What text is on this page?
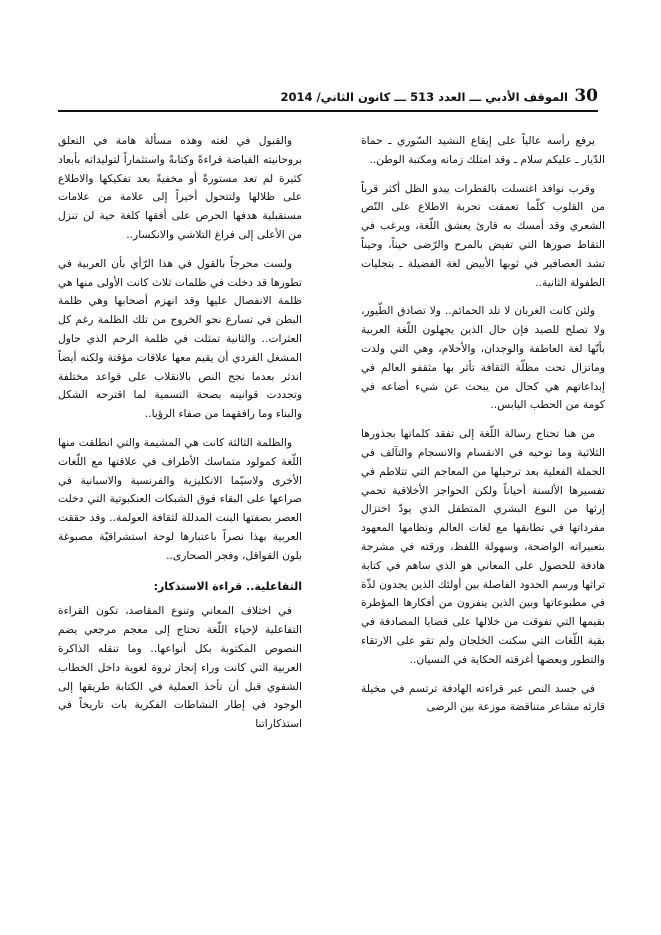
30
الموقف الأدبي ـــ العدد 513 ـــ كانون الثاني/ 2014

يرفع رأسه عالياً على إيقاع النشيد السّوري ـ حماة الدّيار ـ عليكم سلام ـ وقد امتلك زمانه ومكتبة الوطن..

وقرب نوافذ اغتسلت بالقطرات يبدو الظل أكثر قرباً من القلوب كلّما تعمقت تجربة الاطلاع على النّص الشعري وقد أمسك به قارئ يعشق اللّغة، ويرغب في التقاط صورها التي تفيض بالمرح والرّضى حيناً، وحيناً تشد العصافير في ثوبها الأبيض لغة الفضيلة ـ بتجليات الطفولة الثانية..

ولئن كانت الغربان لا تلد الحمائم.. ولا تصادق الطّيور، ولا تصلح للصيد فإن حال الذين يجهلون اللّغة العربية بأنّها لغة العاطفة والوجدان، والأحلام، وهي التي ولدت وماتزال تحت مظلّة الثقافة تأثر بها مثقفو العالم في إبداعاتهم هي كحال من يبحث عن شيء أضاعه في كومة من الحطب اليابس..

من هنا تحتاج رسالة اللّغة إلى تفقد كلماتها بجذورها الثلاثية وما توحيه في الانقسام والانسجام والتآلف في الجملة الفعلية بعد ترحيلها من المعاجم التي تتلاطم في تفسيرها الألسنة أحياناً ولكن الحواجز الأخلاقية تحمي إرثها من النوع البشري المتطفل الذي يودّ اختزال مفرداتها في تطابقها مع لغات العالم ونظامها المعهود بتعبيراته الواضحة، وسهولة اللفظ، ورقته في مشرحة هادفة للحصول على المعاني هو الذي ساهم في كتابة تراثها ورسم الحدود الفاصلة بين أولئك الذين يجدون لذّة في مطبوعاتها وبين الذين ينفرون من أفكارها المؤطرة بقيمها التي تفوقت من خلالها على قضايا المصادفة في بقية اللّغات التي سكنت الخلجان ولم تقو على الارتقاء والتطور وبعضها أغرقته الحكاية في النسيان..

في جسد النص عبر قراءته الهادفة ترتسم في مخيلة قارئه مشاعر متناقضة موزعة بين الرضى

والقبول في لغته وهذه مسألة هامة في التعلق بروحانيته الفياضة قراءةً وكتابةً واستثماراً لتوليداته بأبعاد كثيرة لم تعد مستورةً أو مخفيةً بعد تفكيكها والاطلاع على ظلالها ولتتحول أخيراً إلى علامة من علامات مستقبلية هدفها الحرص على أفقها كلغة حية لن تنزل من الأعلى إلى فراغ التلاشي والانكسار..

ولست محرجاً بالقول في هذا الرّأي بأن العربية في تطورها قد دخلت في ظلمات ثلاث كانت الأولى منها هي ظلمة الانفصال عليها وقد انهزم أصحابها وهي ظلمة البطن في تسارع نحو الخروج من تلك الظلمة رغم كل العثرات.. والثانية تمثلت في ظلمة الرحم الذي حاول المشغل الفردي أن يقيم معها علاقات مؤقتة ولكنه أيضاً اندثر بعدما نجح النص بالانقلاب على قواعد مختلفة وتجددت قوانينه بصحة التسمية لما اقترحه الشكل والبناء وما رافقهما من صفاء الرؤيا..

والظلمة الثالثة كانت هي المشيمة والتي انطلقت منها اللّغة كمولود متماسك الأطراف في علاقتها مع اللّغات الأخرى ولاسيّما الانكليزية والفرنسية والاسبانية في صراعها على البقاء فوق الشبكات العنكبوتية التي دخلت العصر بصفتها البنت المدللة لثقافة العولمة.. وقد حققت العربية بهذا نصراً باعتبارها لوحة استشراقيّة مصبوغة بلون القواقل، وفجر الصحارى..

التفاعلية.. قراءة الاستذكار:

في اختلاف المعاني وتنوع المقاصد، تكون القراءة التفاعلية لإحياء اللّغة تحتاج إلى معجم مرجعي يضم النصوص المكتوبة بكل أنواعها.. وما تنقله الذاكرة العربية التي كانت وراء إنجاز ثروة لغوية داخل الخطاب الشفوي قبل أن تأخذ العملية في الكتابة طريقها إلى الوجود في إطار النشاطات الفكرية بات تاريخاً في استذكاراتنا
